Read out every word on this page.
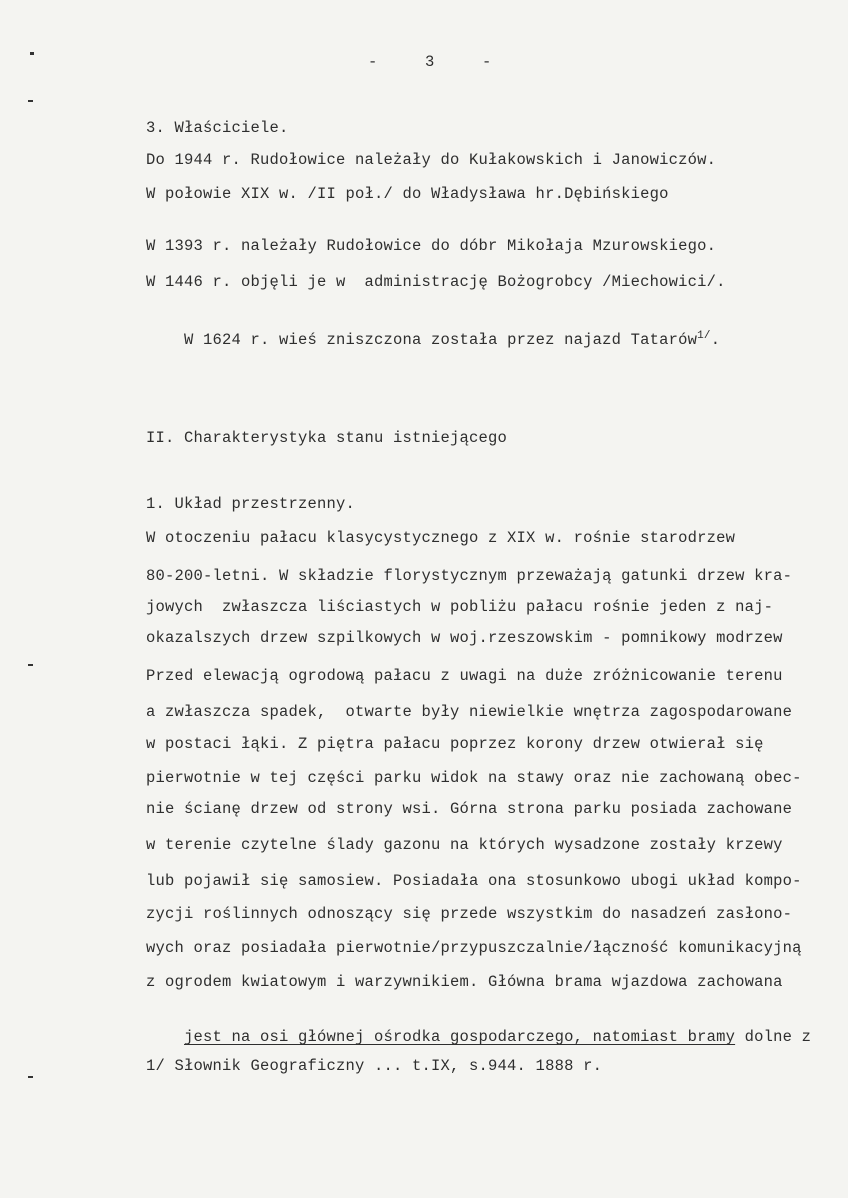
-     3     -
3. Właściciele.
Do 1944 r. Rudołowice należały do Kułakowskich i Janowiczów.
W połowie XIX w. /II poł./ do Władysława hr.Dębińskiego
W 1393 r. należały Rudołowice do dóbr Mikołaja Mzurowskiego.
W 1446 r. objęli je w  administrację Bożogrobcy /Miechowici/.

W 1624 r. wieś zniszczona została przez najazd Tatarów$^{1/}$.

II. Charakterystyka stanu istniejącego
1. Układ przestrzenny.
W otoczeniu pałacu klasycystycznego z XIX w. rośnie starodrzew
80-200-letni. W składzie florystycznym przeważają gatunki drzew kra-
jowych  zwłaszcza liściastych w pobliżu pałacu rośnie jeden z naj-
okazalszych drzew szpilkowych w woj.rzeszowskim - pomnikowy modrzew
Przed elewacją ogrodową pałacu z uwagi na duże zróżnicowanie terenu
a zwłaszcza spadek,  otwarte były niewielkie wnętrza zagospodarowane
w postaci łąki. Z piętra pałacu poprzez korony drzew otwierał się
pierwotnie w tej części parku widok na stawy oraz nie zachowaną obec-
nie ścianę drzew od strony wsi. Górna strona parku posiada zachowane
w terenie czytelne ślady gazonu na których wysadzone zostały krzewy
lub pojawił się samosiew. Posiadała ona stosunkowo ubogi układ kompo-
zycji roślinnych odnoszący się przede wszystkim do nasadzeń zasłono-
wych oraz posiadała pierwotnie/przypuszczalnie/łączność komunikacyjną
z ogrodem kwiatowym i warzywnikiem. Główna brama wjazdowa zachowana

jest na osi głównej ośrodka gospodarczego, natomiast bramy dolne z

1/ Słownik Geograficzny ... t.IX, s.944. 1888 r.
